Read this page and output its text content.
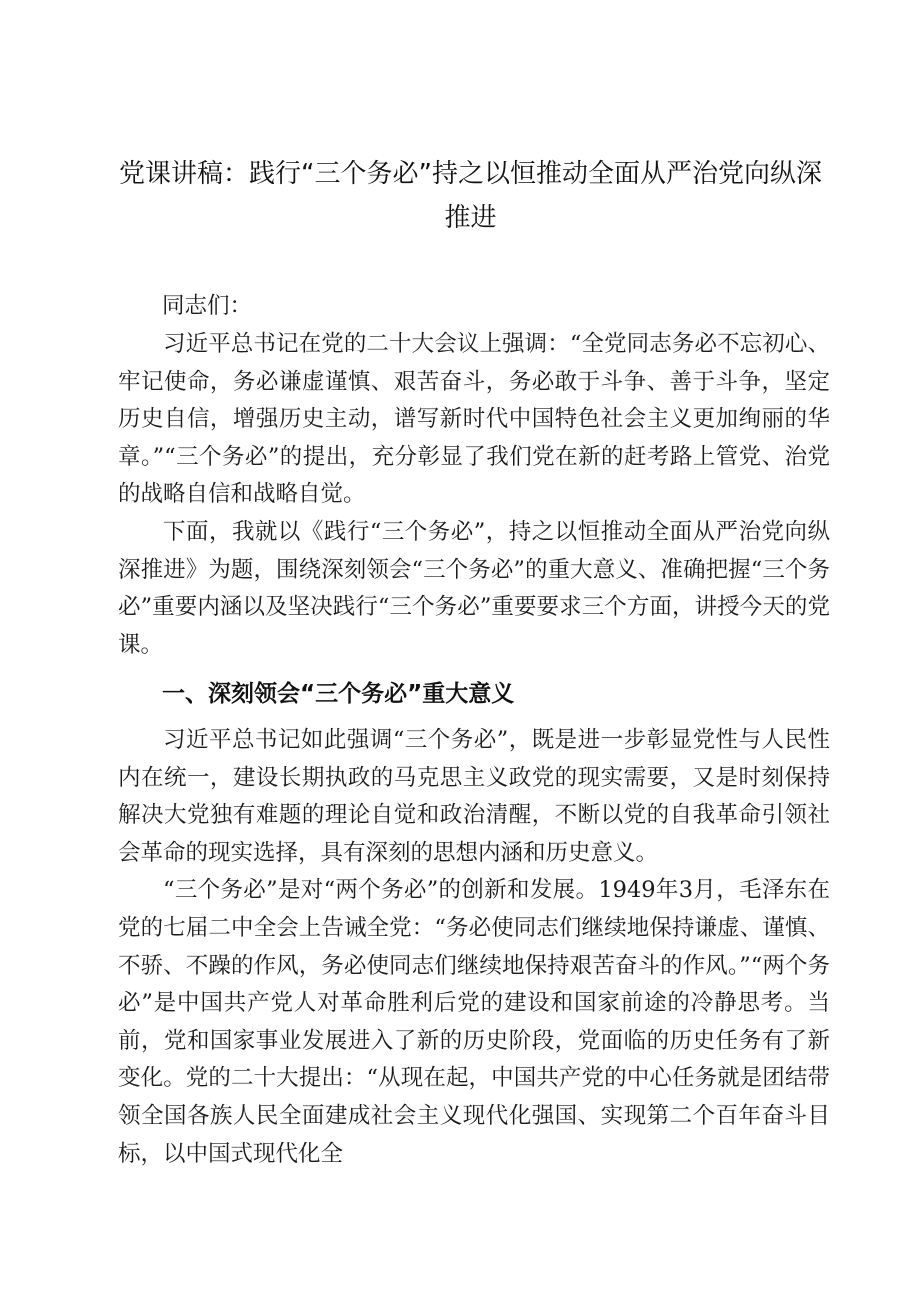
党课讲稿：践行“三个务必”持之以恒推动全面从严治党向纵深推进
同志们：

习近平总书记在党的二十大会议上强调：“全党同志务必不忘初心、牢记使命，务必谦虚谨慎、艰苦奋斗，务必敢于斗争、善于斗争，坚定历史自信，增强历史主动，谱写新时代中国特色社会主义更加绚丽的华章。”“三个务必”的提出，充分彰显了我们党在新的赶考路上管党、治党的战略自信和战略自觉。

下面，我就以《践行“三个务必”，持之以恒推动全面从严治党向纵深推进》为题，围绕深刻领会“三个务必”的重大意义、准确把握“三个务必”重要内涵以及坚决践行“三个务必”重要要求三个方面，讲授今天的党课。

一、深刻领会“三个务必”重大意义

习近平总书记如此强调“三个务必”，既是进一步彰显党性与人民性内在统一，建设长期执政的马克思主义政党的现实需要，又是时刻保持解决大党独有难题的理论自觉和政治清醒，不断以党的自我革命引领社会革命的现实选择，具有深刻的思想内涵和历史意义。

“三个务必”是对“两个务必”的创新和发展。1949年3月，毛泽东在党的七届二中全会上告诫全党：“务必使同志们继续地保持谦虚、谨慎、不骄、不躁的作风，务必使同志们继续地保持艰苦奋斗的作风。”“两个务必”是中国共产党人对革命胜利后党的建设和国家前途的冷静思考。当前，党和国家事业发展进入了新的历史阶段，党面临的历史任务有了新变化。党的二十大提出：“从现在起，中国共产党的中心任务就是团结带领全国各族人民全面建成社会主义现代化强国、实现第二个百年奋斗目标，以中国式现代化全
